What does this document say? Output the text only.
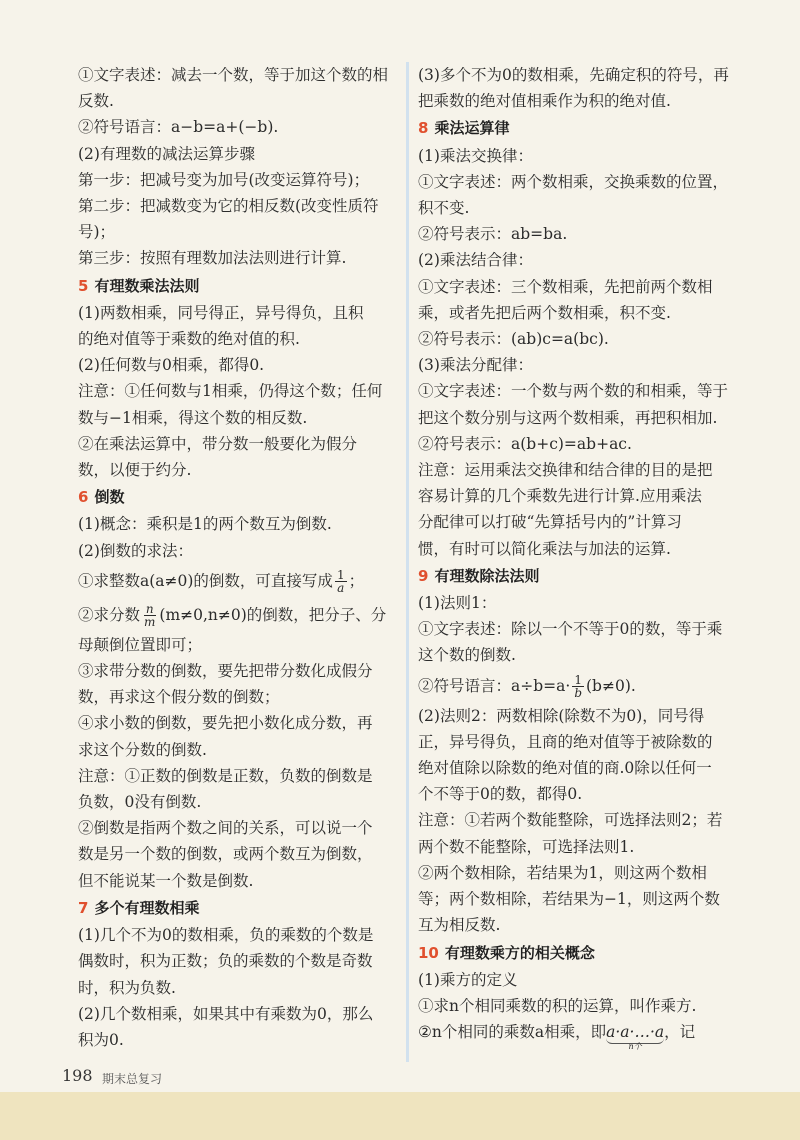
①文字表述：减去一个数，等于加这个数的相
反数.
②符号语言：a−b=a+(−b).
(2)有理数的减法运算步骤
第一步：把减号变为加号(改变运算符号)；
第二步：把减数变为它的相反数(改变性质符
号)；
第三步：按照有理数加法法则进行计算.
5 有理数乘法法则
(1)两数相乘，同号得正，异号得负，且积
的绝对值等于乘数的绝对值的积.
(2)任何数与0相乘，都得0.
注意：①任何数与1相乘，仍得这个数；任何
数与−1相乘，得这个数的相反数.
②在乘法运算中，带分数一般要化为假分
数，以便于约分.
6 倒数
(1)概念：乘积是1的两个数互为倒数.
(2)倒数的求法：
①求整数a(a≠0)的倒数，可直接写成 $\frac{1}{a}$ ；
②求分数 $\frac{n}{m} (m\ne 0,n\ne 0)$的倒数，把分子、分
母颠倒位置即可；
③求带分数的倒数，要先把带分数化成假分
数，再求这个假分数的倒数；
④求小数的倒数，要先把小数化成分数，再
求这个分数的倒数.
注意：①正数的倒数是正数，负数的倒数是
负数，0没有倒数.
②倒数是指两个数之间的关系，可以说一个
数是另一个数的倒数，或两个数互为倒数，
但不能说某一个数是倒数.
7 多个有理数相乘
(1)几个不为0的数相乘，负的乘数的个数是
偶数时，积为正数；负的乘数的个数是奇数
时，积为负数.
(2)几个数相乘，如果其中有乘数为0，那么
积为0.
(3)多个不为0的数相乘，先确定积的符号，再
把乘数的绝对值相乘作为积的绝对值.
8 乘法运算律
(1)乘法交换律：
①文字表述：两个数相乘，交换乘数的位置，
积不变.
②符号表示：ab=ba.
(2)乘法结合律：
①文字表述：三个数相乘，先把前两个数相
乘，或者先把后两个数相乘，积不变.
②符号表示：(ab)c=a(bc).
(3)乘法分配律：
①文字表述：一个数与两个数的和相乘，等于
把这个数分别与这两个数相乘，再把积相加.
②符号表示：a(b+c)=ab+ac.
注意：运用乘法交换律和结合律的目的是把
容易计算的几个乘数先进行计算.应用乘法
分配律可以打破“先算括号内的”计算习
惯，有时可以简化乘法与加法的运算.
9 有理数除法法则
(1)法则1：
①文字表述：除以一个不等于0的数，等于乘
这个数的倒数.
②符号语言：$a\div b=a\cdot \frac{1}{b} (b\ne 0)$.
(2)法则2：两数相除(除数不为0)，同号得
正，异号得负，且商的绝对值等于被除数的
绝对值除以除数的绝对值的商.0除以任何一
个不等于0的数，都得0.
注意：①若两个数能整除，可选择法则2；若
两个数不能整除，可选择法则1.
②两个数相除，若结果为1，则这两个数相
等；两个数相除，若结果为−1，则这两个数
互为相反数.
10 有理数乘方的相关概念
(1)乘方的定义
①求n个相同乘数的积的运算，叫作乘方.
②n个相同的乘数a相乘，即a·a·…·a
n个
，记
198 期末总复习
